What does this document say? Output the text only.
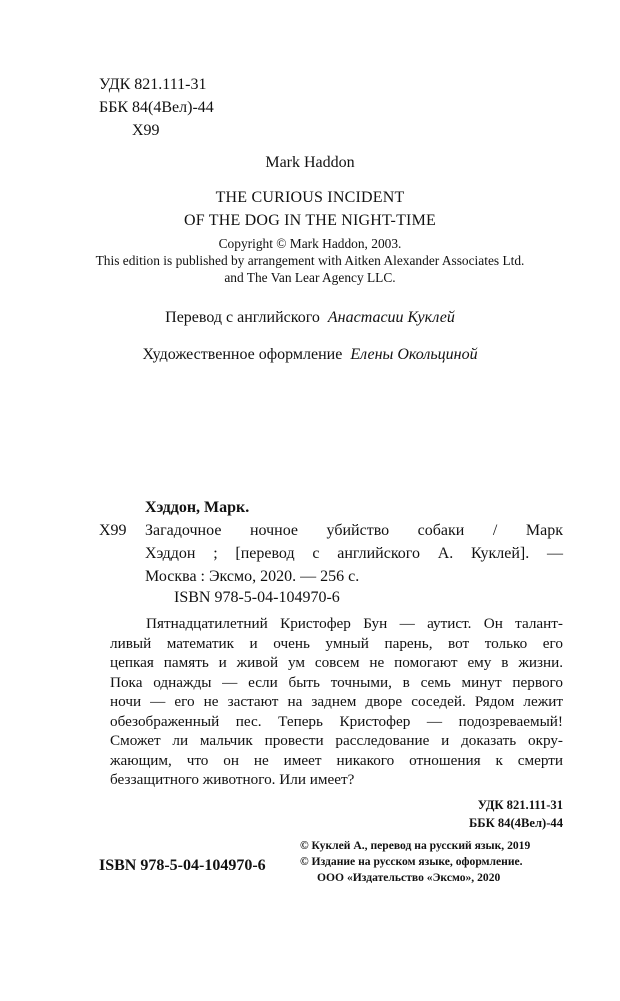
УДК 821.111-31
ББК 84(4Вел)-44
Х99
Mark Haddon
THE CURIOUS INCIDENT
OF THE DOG IN THE NIGHT-TIME
Copyright © Mark Haddon, 2003.
This edition is published by arrangement with Aitken Alexander Associates Ltd.
and The Van Lear Agency LLC.
Перевод с английского Анастасии Куклей
Художественное оформление Елены Окольциной
Хэддон, Марк.
Х99 Загадочное ночное убийство собаки / Марк
Хэддон ; [перевод с английского А. Куклей]. —
Москва : Эксмо, 2020. — 256 с.
ISBN 978-5-04-104970-6
Пятнадцатилетний Кристофер Бун — аутист. Он талант-
ливый математик и очень умный парень, вот только его
цепкая память и живой ум совсем не помогают ему в жизни.
Пока однажды — если быть точными, в семь минут первого
ночи — его не застают на заднем дворе соседей. Рядом лежит
обезображенный пес. Теперь Кристофер — подозреваемый!
Сможет ли мальчик провести расследование и доказать окру-
жающим, что он не имеет никакого отношения к смерти
беззащитного животного. Или имеет?
УДК 821.111-31
ББК 84(4Вел)-44
ISBN 978-5-04-104970-6
© Куклей А., перевод на русский язык, 2019
© Издание на русском языке, оформление.
ООО «Издательство «Эксмо», 2020
